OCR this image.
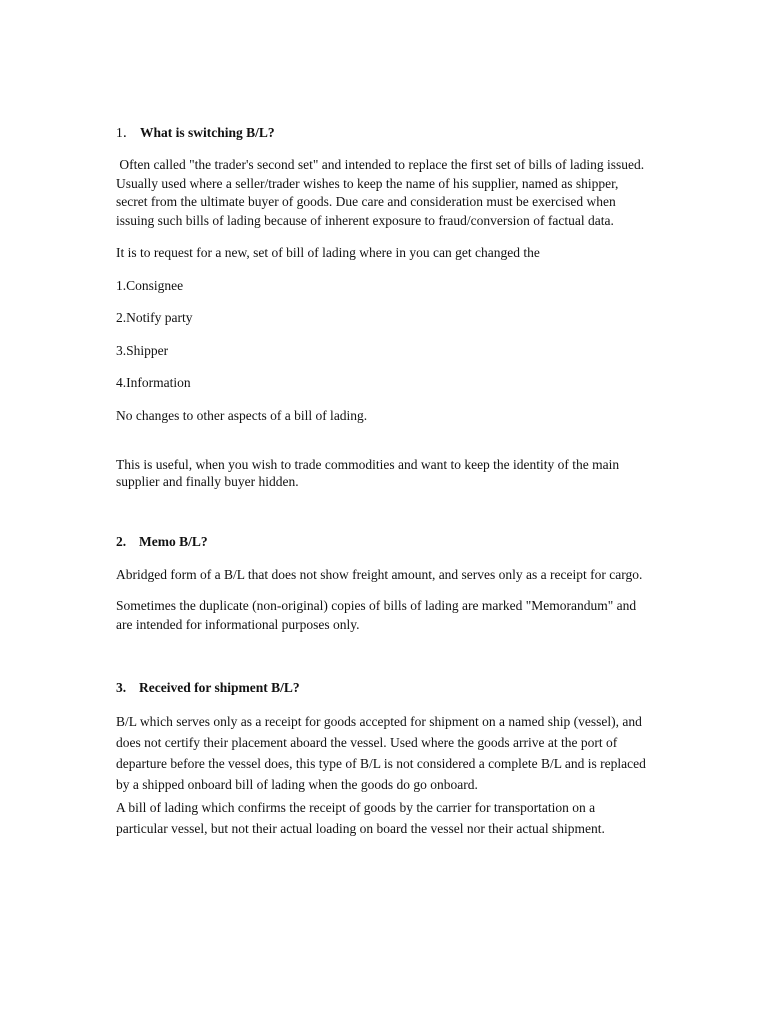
1． What is switching B/L?
Often called "the trader's second set" and intended to replace the first set of bills of lading issued.
Usually used where a seller/trader wishes to keep the name of his supplier, named as shipper,
secret from the ultimate buyer of goods. Due care and consideration must be exercised when
issuing such bills of lading because of inherent exposure to fraud/conversion of factual data.
It is to request for a new, set of bill of lading where in you can get changed the
1.Consignee
2.Notify party
3.Shipper
4.Information
No changes to other aspects of a bill of lading.
This is useful, when you wish to trade commodities and want to keep the identity of the main
supplier and finally buyer hidden.
2. Memo B/L?
Abridged form of a B/L that does not show freight amount, and serves only as a receipt for cargo.
Sometimes the duplicate (non-original) copies of bills of lading are marked "Memorandum" and
are intended for informational purposes only.
3. Received for shipment B/L?
B/L which serves only as a receipt for goods accepted for shipment on a named ship (vessel), and
does not certify their placement aboard the vessel. Used where the goods arrive at the port of
departure before the vessel does, this type of B/L is not considered a complete B/L and is replaced
by a shipped onboard bill of lading when the goods do go onboard.
A bill of lading which confirms the receipt of goods by the carrier for transportation on a
particular vessel, but not their actual loading on board the vessel nor their actual shipment.
